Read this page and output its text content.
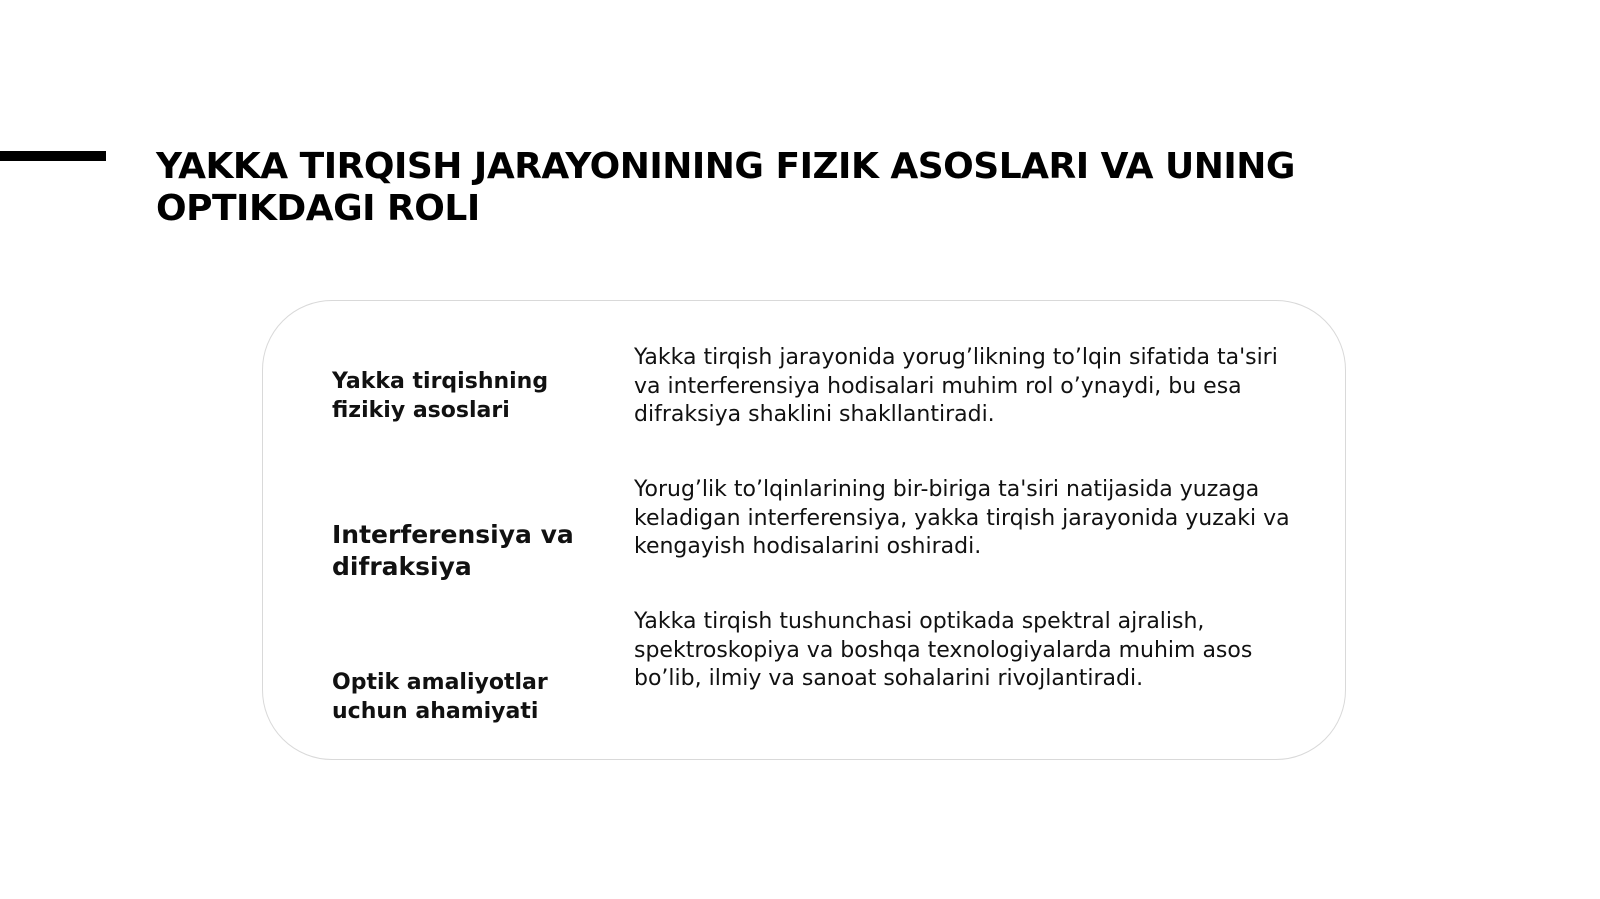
YAKKA TIRQISH JARAYONINING FIZIK ASOSLARI VA UNING OPTIKDAGI ROLI

Yakka tirqishning fizikiy asoslari

Yakka tirqish jarayonida yorug’likning to’lqin sifatida ta'siri va interferensiya hodisalari muhim rol o’ynaydi, bu esa difraksiya shaklini shakllantiradi.

Interferensiya va difraksiya

Yorug’lik to’lqinlarining bir-biriga ta'siri natijasida yuzaga keladigan interferensiya, yakka tirqish jarayonida yuzaki va kengayish hodisalarini oshiradi.

Optik amaliyotlar uchun ahamiyati

Yakka tirqish tushunchasi optikada spektral ajralish, spektroskopiya va boshqa texnologiyalarda muhim asos bo’lib, ilmiy va sanoat sohalarini rivojlantiradi.
